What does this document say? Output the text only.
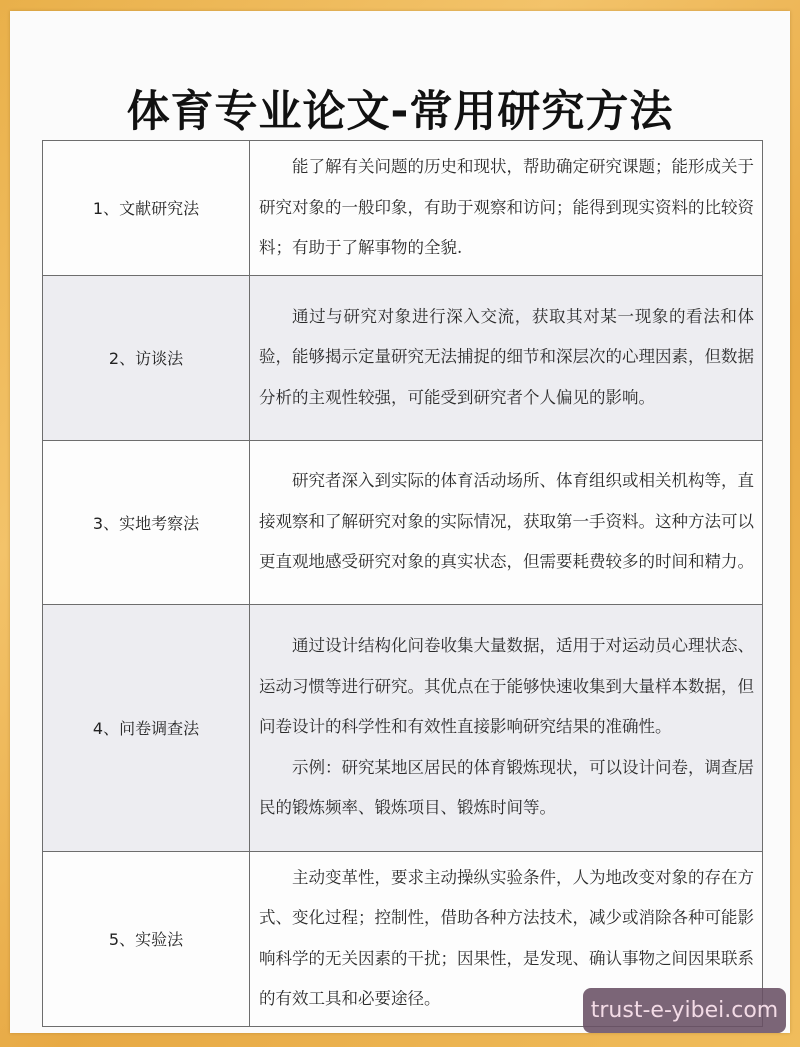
体育专业论文-常用研究方法
1、文献研究法	能了解有关问题的历史和现状，帮助确定研究课题；能形成关于研究对象的一般印象，有助于观察和访问；能得到现实资料的比较资料；有助于了解事物的全貌.

2、访谈法	通过与研究对象进行深入交流，获取其对某一现象的看法和体验，能够揭示定量研究无法捕捉的细节和深层次的心理因素，但数据分析的主观性较强，可能受到研究者个人偏见的影响。

3、实地考察法	研究者深入到实际的体育活动场所、体育组织或相关机构等，直接观察和了解研究对象的实际情况，获取第一手资料。这种方法可以更直观地感受研究对象的真实状态，但需要耗费较多的时间和精力。

4、问卷调查法	通过设计结构化问卷收集大量数据，适用于对运动员心理状态、运动习惯等进行研究。其优点在于能够快速收集到大量样本数据，但问卷设计的科学性和有效性直接影响研究结果的准确性。

示例：研究某地区居民的体育锻炼现状，可以设计问卷，调查居民的锻炼频率、锻炼项目、锻炼时间等。

5、实验法	主动变革性，要求主动操纵实验条件，人为地改变对象的存在方式、变化过程；控制性，借助各种方法技术，减少或消除各种可能影响科学的无关因素的干扰；因果性，是发现、确认事物之间因果联系的有效工具和必要途径。	trust-e-yibei.com
